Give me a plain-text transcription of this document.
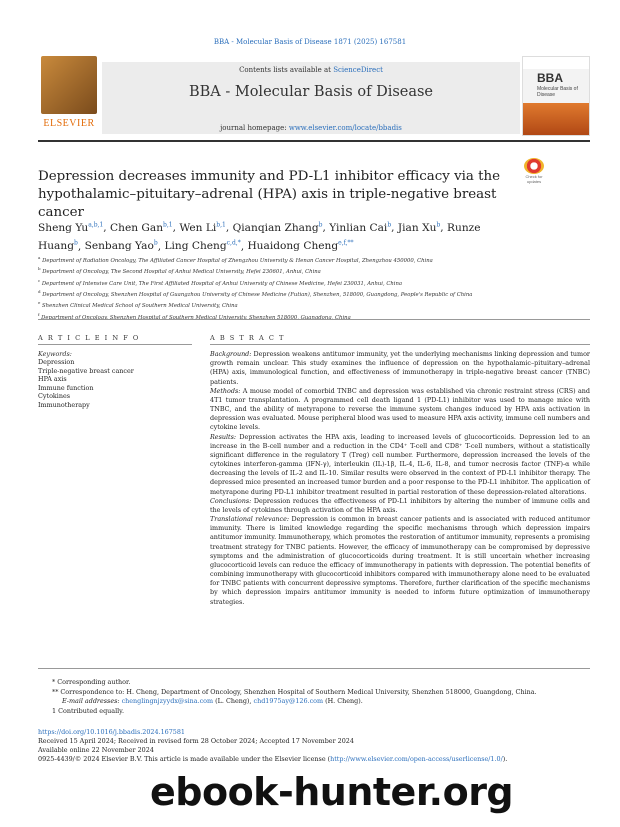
BBA - Molecular Basis of Disease 1871 (2025) 167581
ELSEVIER
Contents lists available at ScienceDirect
BBA - Molecular Basis of Disease
journal homepage: www.elsevier.com/locate/bbadis
BBA
Molecular Basis of Disease
Depression decreases immunity and PD-L1 inhibitor efficacy via the hypothalamic–pituitary–adrenal (HPA) axis in triple-negative breast cancer
Check for updates
Sheng Yu$^{a,b,1}$, Chen Gan$^{b,1}$, Wen Li$^{b,1}$, Qianqian Zhang$^b$, Yinlian Cai$^b$, Jian Xu$^b$, Runze Huang$^b$, Senbang Yao$^b$, Ling Cheng$^{c,d,*}$, Huaidong Cheng$^{e,f,**}$
$^a$ Department of Radiation Oncology, The Affiliated Cancer Hospital of Zhengzhou University & Henan Cancer Hospital, Zhengzhou 450000, China
$^b$ Department of Oncology, The Second Hospital of Anhui Medical University, Hefei 230601, Anhui, China
$^c$ Department of Intensive Care Unit, The First Affiliated Hospital of Anhui University of Chinese Medicine, Hefei 230031, Anhui, China
$^d$ Department of Oncology, Shenzhen Hospital of Guangzhou University of Chinese Medicine (Futian), Shenzhen, 518000, Guangdong, People's Republic of China
$^e$ Shenzhen Clinical Medical School of Southern Medical University, China
$^f$ Department of Oncology, Shenzhen Hospital of Southern Medical University, Shenzhen 518000, Guangdong, China
A R T I C L E I N F O	A B S T R A C T
Keywords:
Depression
Triple-negative breast cancer
HPA axis
Immune function
Cytokines
Immunotherapy

Background: Depression weakens antitumor immunity, yet the underlying mechanisms linking depression and tumor growth remain unclear. This study examines the influence of depression on the hypothalamic–pituitary–adrenal (HPA) axis, immunological function, and effectiveness of immunotherapy in triple-negative breast cancer (TNBC) patients.

Methods: A mouse model of comorbid TNBC and depression was established via chronic restraint stress (CRS) and 4T1 tumor transplantation. A programmed cell death ligand 1 (PD-L1) inhibitor was used to manage mice with TNBC, and the ability of metyrapone to reverse the immune system changes induced by HPA axis activation in depression was evaluated. Mouse peripheral blood was used to measure HPA axis activity, immune cell numbers and cytokine levels.

Results: Depression activates the HPA axis, leading to increased levels of glucocorticoids. Depression led to an increase in the B-cell number and a reduction in the CD4⁺ T-cell and CD8⁺ T-cell numbers, without a statistically significant difference in the regulatory T (Treg) cell number. Furthermore, depression increased the levels of the cytokines interferon-gamma (IFN-γ), interleukin (IL)-1β, IL-4, IL-6, IL-8, and tumor necrosis factor (TNF)-α while decreasing the levels of IL-2 and IL-10. Similar results were observed in the context of PD-L1 inhibitor therapy. The depressed mice presented an increased tumor burden and a poor response to the PD-L1 inhibitor. The application of metyrapone during PD-L1 inhibitor treatment resulted in partial restoration of these depression-related alterations.

Conclusions: Depression reduces the effectiveness of PD-L1 inhibitors by altering the number of immune cells and the levels of cytokines through activation of the HPA axis.

Translational relevance: Depression is common in breast cancer patients and is associated with reduced antitumor immunity. There is limited knowledge regarding the specific mechanisms through which depression impairs antitumor immunity. Immunotherapy, which promotes the restoration of antitumor immunity, represents a promising treatment strategy for TNBC patients. However, the efficacy of immunotherapy can be compromised by depressive symptoms and the administration of glucocorticoids during treatment. It is still uncertain whether increasing glucocorticoid levels can reduce the efficacy of immunotherapy in patients with depression. The potential benefits of combining immunotherapy with glucocorticoid inhibitors compared with immunotherapy alone need to be evaluated for TNBC patients with concurrent depressive symptoms. Therefore, further clarification of the specific mechanisms by which depression impairs antitumor immunity is needed to inform future optimization of immunotherapy strategies.

* Corresponding author.
** Correspondence to: H. Cheng, Department of Oncology, Shenzhen Hospital of Southern Medical University, Shenzhen 518000, Guangdong, China.
E-mail addresses: chenglingnjzyydx@sina.com (L. Cheng), chd1975ay@126.com (H. Cheng).
1 Contributed equally.
https://doi.org/10.1016/j.bbadis.2024.167581
Received 15 April 2024; Received in revised form 28 October 2024; Accepted 17 November 2024
Available online 22 November 2024
0925-4439/© 2024 Elsevier B.V. This article is made available under the Elsevier license (http://www.elsevier.com/open-access/userlicense/1.0/).
ebook-hunter.org
